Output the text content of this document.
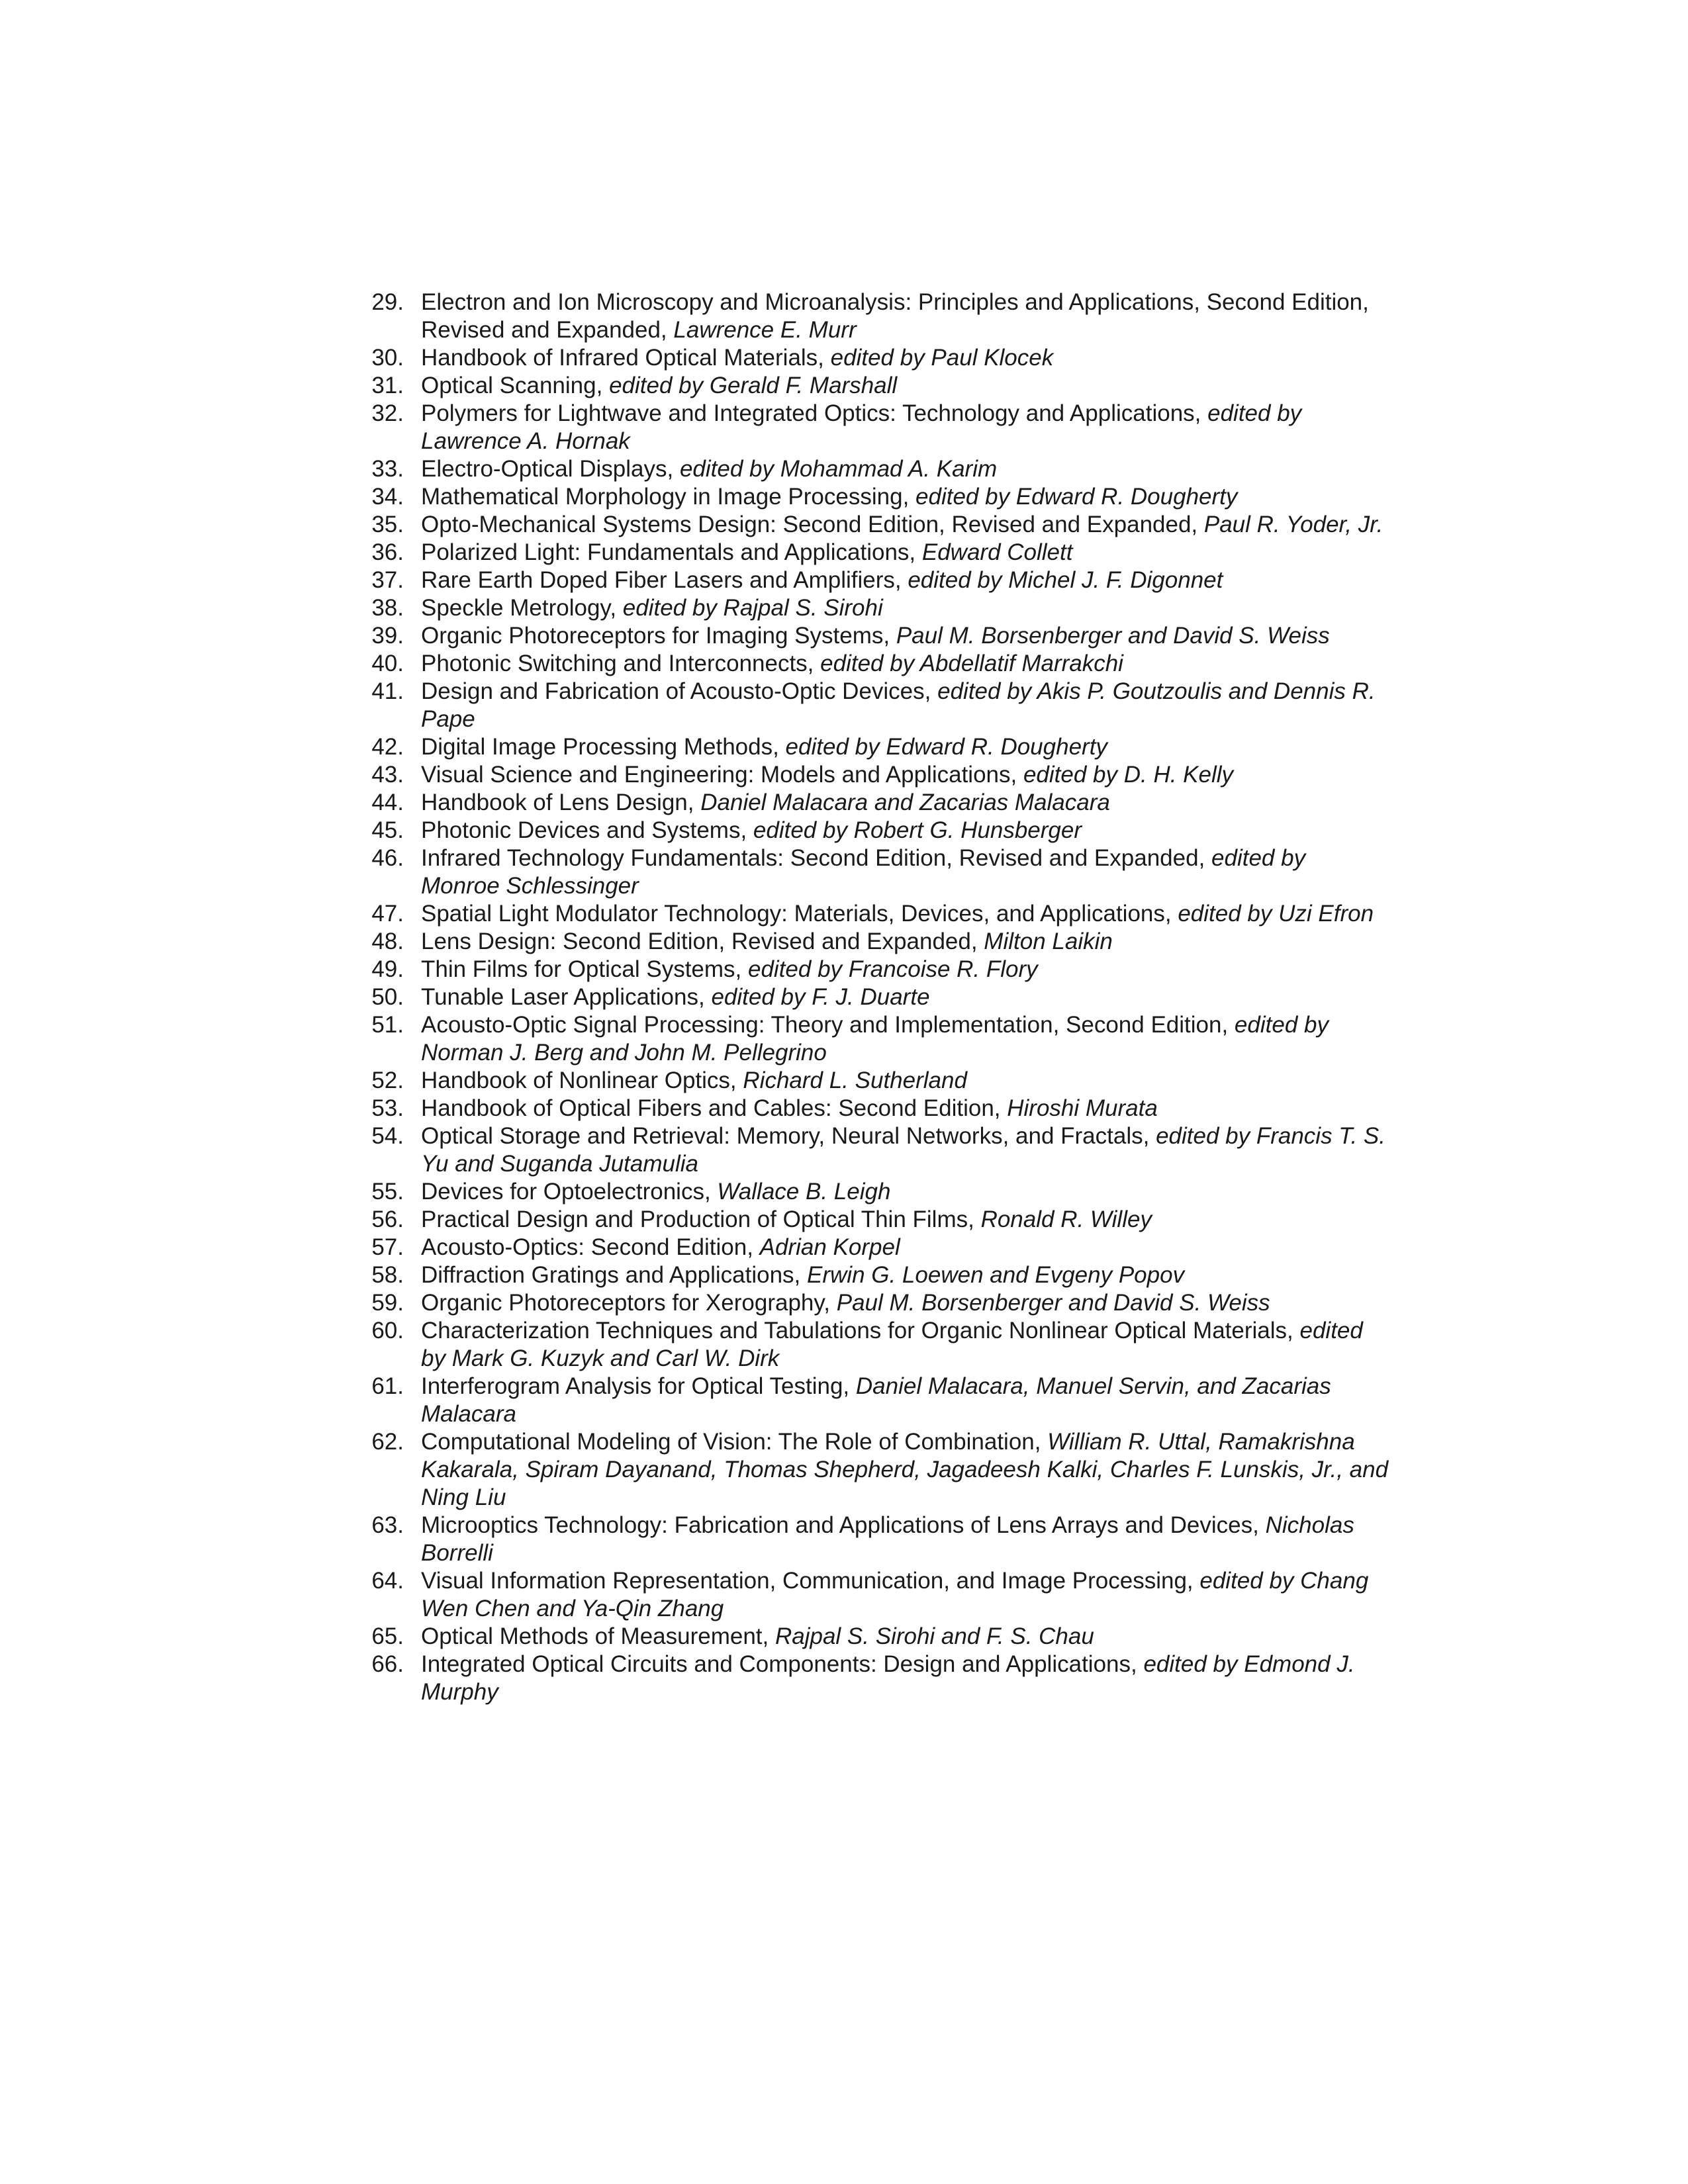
29. Electron and Ion Microscopy and Microanalysis: Principles and Applications, Second Edition, Revised and Expanded, Lawrence E. Murr
30. Handbook of Infrared Optical Materials, edited by Paul Klocek
31. Optical Scanning, edited by Gerald F. Marshall
32. Polymers for Lightwave and Integrated Optics: Technology and Applications, edited by Lawrence A. Hornak
33. Electro-Optical Displays, edited by Mohammad A. Karim
34. Mathematical Morphology in Image Processing, edited by Edward R. Dougherty
35. Opto-Mechanical Systems Design: Second Edition, Revised and Expanded, Paul R. Yoder, Jr.
36. Polarized Light: Fundamentals and Applications, Edward Collett
37. Rare Earth Doped Fiber Lasers and Amplifiers, edited by Michel J. F. Digonnet
38. Speckle Metrology, edited by Rajpal S. Sirohi
39. Organic Photoreceptors for Imaging Systems, Paul M. Borsenberger and David S. Weiss
40. Photonic Switching and Interconnects, edited by Abdellatif Marrakchi
41. Design and Fabrication of Acousto-Optic Devices, edited by Akis P. Goutzoulis and Dennis R. Pape
42. Digital Image Processing Methods, edited by Edward R. Dougherty
43. Visual Science and Engineering: Models and Applications, edited by D. H. Kelly
44. Handbook of Lens Design, Daniel Malacara and Zacarias Malacara
45. Photonic Devices and Systems, edited by Robert G. Hunsberger
46. Infrared Technology Fundamentals: Second Edition, Revised and Expanded, edited by Monroe Schlessinger
47. Spatial Light Modulator Technology: Materials, Devices, and Applications, edited by Uzi Efron
48. Lens Design: Second Edition, Revised and Expanded, Milton Laikin
49. Thin Films for Optical Systems, edited by Francoise R. Flory
50. Tunable Laser Applications, edited by F. J. Duarte
51. Acousto-Optic Signal Processing: Theory and Implementation, Second Edition, edited by Norman J. Berg and John M. Pellegrino
52. Handbook of Nonlinear Optics, Richard L. Sutherland
53. Handbook of Optical Fibers and Cables: Second Edition, Hiroshi Murata
54. Optical Storage and Retrieval: Memory, Neural Networks, and Fractals, edited by Francis T. S. Yu and Suganda Jutamulia
55. Devices for Optoelectronics, Wallace B. Leigh
56. Practical Design and Production of Optical Thin Films, Ronald R. Willey
57. Acousto-Optics: Second Edition, Adrian Korpel
58. Diffraction Gratings and Applications, Erwin G. Loewen and Evgeny Popov
59. Organic Photoreceptors for Xerography, Paul M. Borsenberger and David S. Weiss
60. Characterization Techniques and Tabulations for Organic Nonlinear Optical Materials, edited by Mark G. Kuzyk and Carl W. Dirk
61. Interferogram Analysis for Optical Testing, Daniel Malacara, Manuel Servin, and Zacarias Malacara
62. Computational Modeling of Vision: The Role of Combination, William R. Uttal, Ramakrishna Kakarala, Spiram Dayanand, Thomas Shepherd, Jagadeesh Kalki, Charles F. Lunskis, Jr., and Ning Liu
63. Microoptics Technology: Fabrication and Applications of Lens Arrays and Devices, Nicholas Borrelli
64. Visual Information Representation, Communication, and Image Processing, edited by Chang Wen Chen and Ya-Qin Zhang
65. Optical Methods of Measurement, Rajpal S. Sirohi and F. S. Chau
66. Integrated Optical Circuits and Components: Design and Applications, edited by Edmond J. Murphy
